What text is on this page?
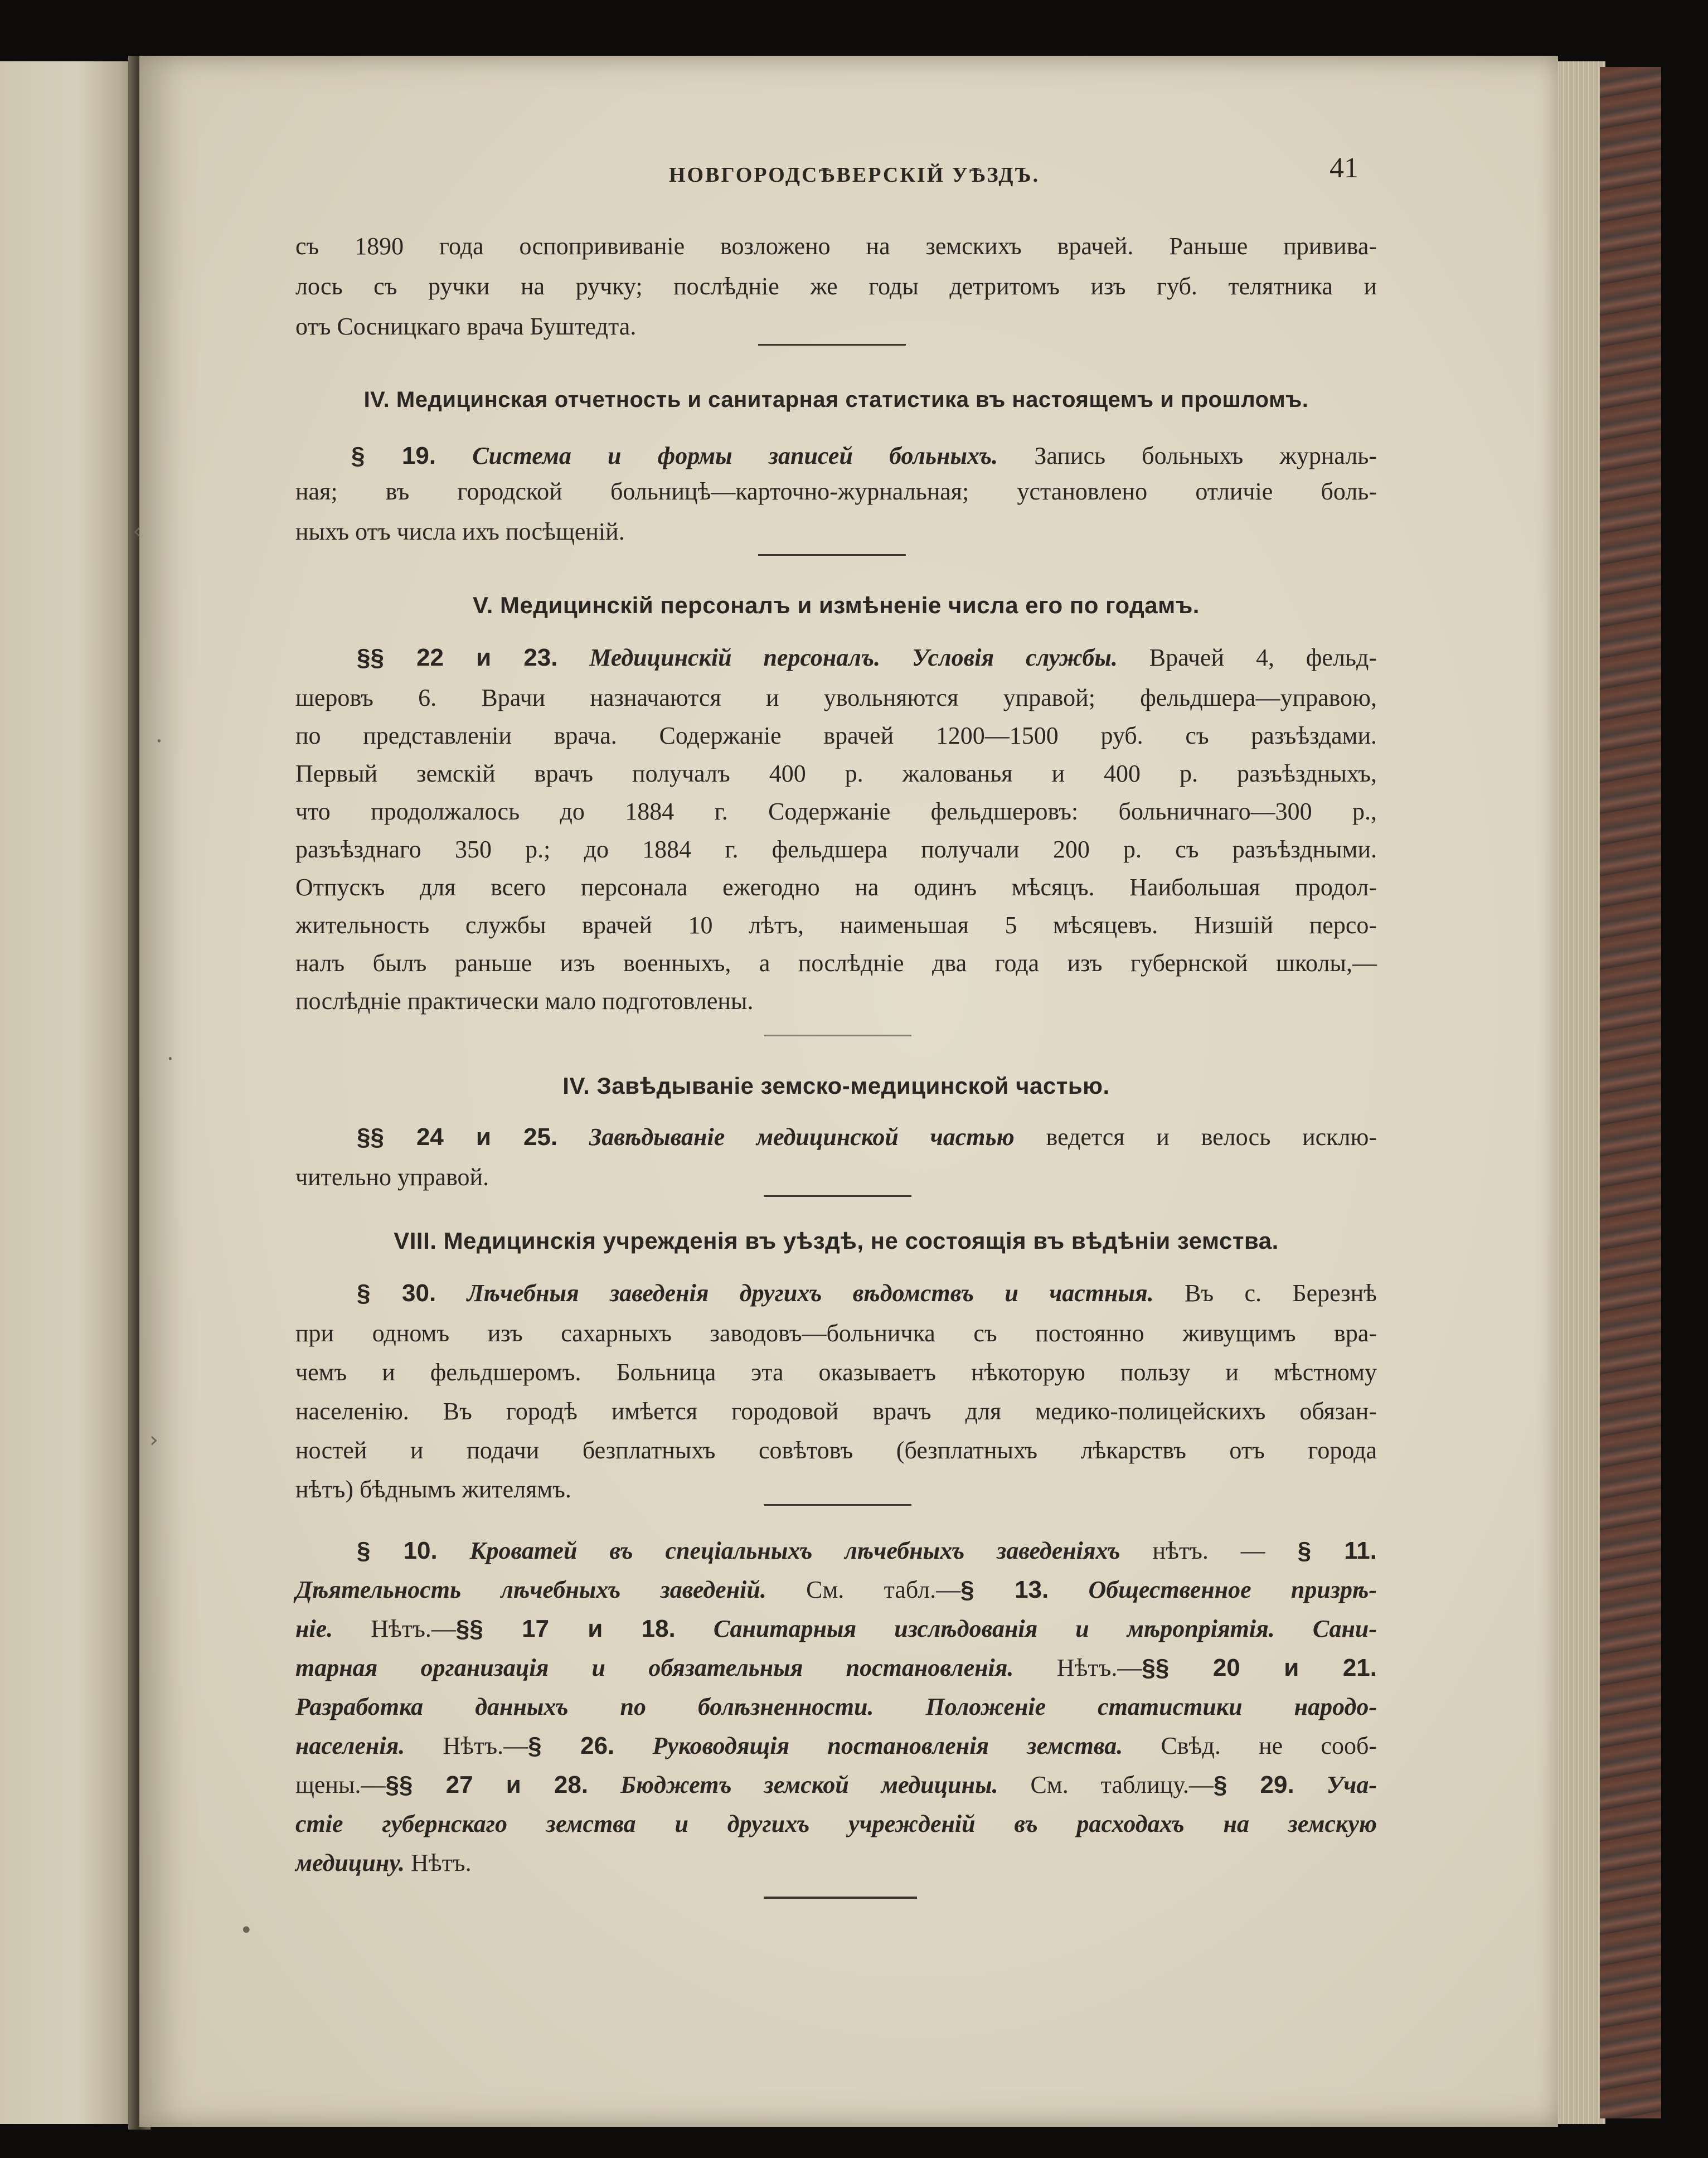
‹
⸱
⸱
›
•
НОВГОРОДСѢВЕРСКІЙ УѢЗДЪ.	41
съ 1890 года оспопрививаніе возложено на земскихъ врачей. Раньше привива-
лось съ ручки на ручку; послѣдніе же годы детритомъ изъ губ. телятника и
отъ Сосницкаго врача Буштедта.
IV. Медицинская отчетность и санитарная статистика въ настоящемъ и прошломъ.
§ 19. Система и формы записей больныхъ. Запись больныхъ журналь-
ная; въ городской больницѣ—карточно-журнальная; установлено отличіе боль-
ныхъ отъ числа ихъ посѣщеній.
V. Медицинскій персоналъ и измѣненіе числа его по годамъ.
§§ 22 и 23. Медицинскій персоналъ. Условія службы. Врачей 4, фельд-
шеровъ 6. Врачи назначаются и увольняются управой; фельдшера—управою,
по представленіи врача. Содержаніе врачей 1200—1500 руб. съ разъѣздами.
Первый земскій врачъ получалъ 400 р. жалованья и 400 р. разъѣздныхъ,
что продолжалось до 1884 г. Содержаніе фельдшеровъ: больничнаго—300 р.,
разъѣзднаго 350 р.; до 1884 г. фельдшера получали 200 р. съ разъѣздными.
Отпускъ для всего персонала ежегодно на одинъ мѣсяцъ. Наибольшая продол-
жительность службы врачей 10 лѣтъ, наименьшая 5 мѣсяцевъ. Низшій персо-
налъ былъ раньше изъ военныхъ, а послѣдніе два года изъ губернской школы,—
послѣдніе практически мало подготовлены.
IV. Завѣдываніе земско-медицинской частью.
§§ 24 и 25. Завѣдываніе медицинской частью ведется и велось исклю-
чительно управой.
VIII. Медицинскія учрежденія въ уѣздѣ, не состоящія въ вѣдѣніи земства.
§ 30. Лѣчебныя заведенія другихъ вѣдомствъ и частныя. Въ с. Березнѣ
при одномъ изъ сахарныхъ заводовъ—больничка съ постоянно живущимъ вра-
чемъ и фельдшеромъ. Больница эта оказываетъ нѣкоторую пользу и мѣстному
населенію. Въ городѣ имѣется городовой врачъ для медико-полицейскихъ обязан-
ностей и подачи безплатныхъ совѣтовъ (безплатныхъ лѣкарствъ отъ города
нѣтъ) бѣднымъ жителямъ.
§ 10. Кроватей въ спеціальныхъ лѣчебныхъ заведеніяхъ нѣтъ. — § 11.
Дѣятельность лѣчебныхъ заведеній. См. табл.—§ 13. Общественное призрѣ-
ніе. Нѣтъ.—§§ 17 и 18. Санитарныя изслѣдованія и мѣропріятія. Сани-
тарная организація и обязательныя постановленія. Нѣтъ.—§§ 20 и 21.
Разработка данныхъ по болѣзненности. Положеніе статистики народо-
населенія. Нѣтъ.—§ 26. Руководящія постановленія земства. Свѣд. не сооб-
щены.—§§ 27 и 28. Бюджетъ земской медицины. См. таблицу.—§ 29. Уча-
стіе губернскаго земства и другихъ учрежденій въ расходахъ на земскую
медицину. Нѣтъ.
